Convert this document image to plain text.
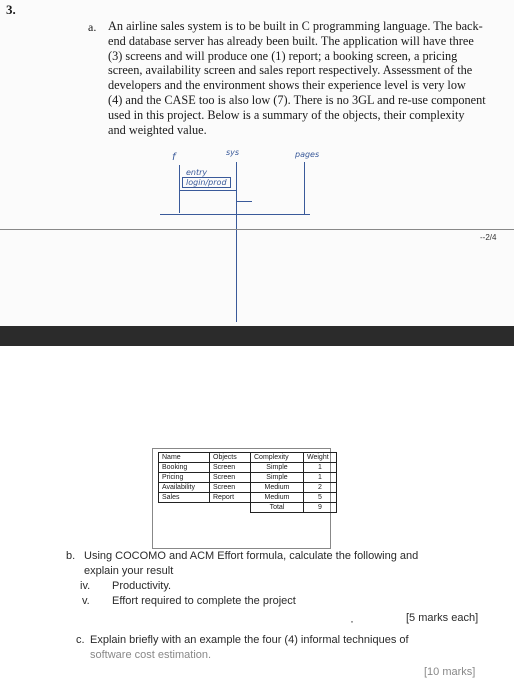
3.
a. An airline sales system is to be built in C programming language. The back-
end database server has already been built. The application will have three
(3) screens and will produce one (1) report; a booking screen, a pricing
screen, availability screen and sales report respectively. Assessment of the
developers and the environment shows their experience level is very low
(4) and the CASE too is also low (7). There is no 3GL and re-use component
used in this project. Below is a summary of the objects, their complexity
and weighted value.
f	sys	pages
entry
login/prod
--2/4
Name	Objects	Complexity	Weight
Booking	Screen	Simple	1
Pricing	Screen	Simple	1
Availability	Screen	Medium	2
Sales	Report	Medium	5
		Total	9
b. Using COCOMO and ACM Effort formula, calculate the following and
explain your result
iv. Productivity.
v. Effort required to complete the project
·	[5 marks each]
c. Explain briefly with an example the four (4) informal techniques of
software cost estimation.
[10 marks]
